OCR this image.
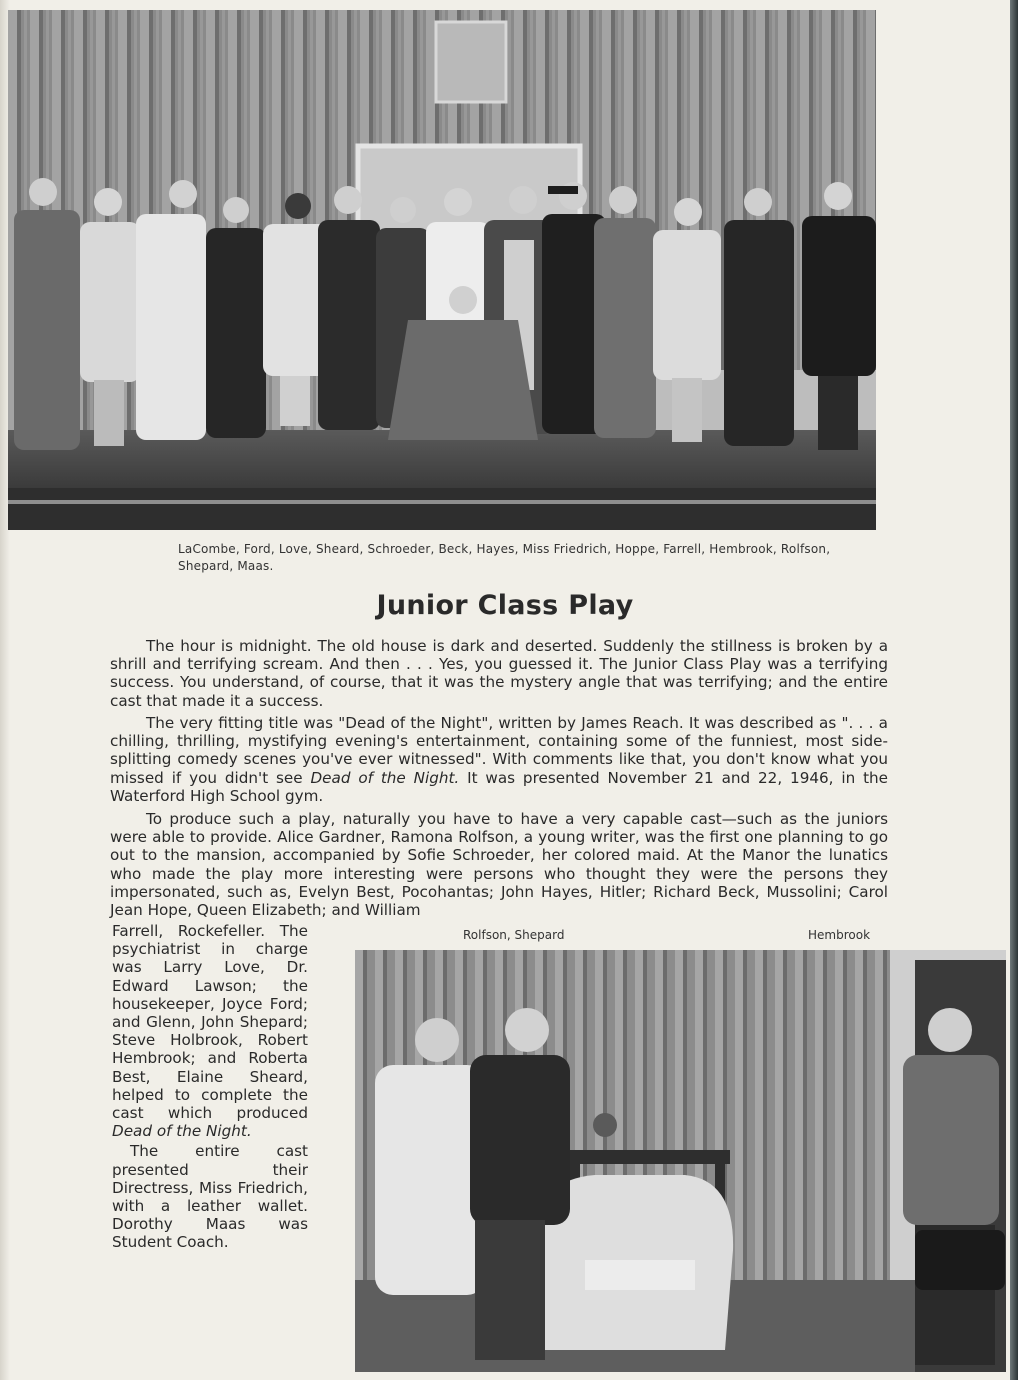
LaCombe, Ford, Love, Sheard, Schroeder, Beck, Hayes, Miss Friedrich, Hoppe, Farrell, Hembrook, Rolfson, Shepard, Maas.
Junior Class Play

The hour is midnight. The old house is dark and deserted. Suddenly the stillness is broken by a shrill and terrifying scream. And then . . . Yes, you guessed it. The Junior Class Play was a terrifying success. You understand, of course, that it was the mystery angle that was terrifying; and the entire cast that made it a success.

The very fitting title was "Dead of the Night", written by James Reach. It was described as ". . . a chilling, thrilling, mystifying evening's entertainment, containing some of the funniest, most side-splitting comedy scenes you've ever witnessed". With comments like that, you don't know what you missed if you didn't see Dead of the Night. It was presented November 21 and 22, 1946, in the Waterford High School gym.

To produce such a play, naturally you have to have a very capable cast—such as the juniors were able to provide. Alice Gardner, Ramona Rolfson, a young writer, was the first one planning to go out to the mansion, accompanied by Sofie Schroeder, her colored maid. At the Manor the lunatics who made the play more interesting were persons who thought they were the persons they impersonated, such as, Evelyn Best, Pocohantas; John Hayes, Hitler; Richard Beck, Mussolini; Carol Jean Hope, Queen Elizabeth; and William

Farrell, Rockefeller. The psychiatrist in charge was Larry Love, Dr. Edward Lawson; the housekeeper, Joyce Ford; and Glenn, John Shepard; Steve Holbrook, Robert Hembrook; and Roberta Best, Elaine Sheard, helped to complete the cast which produced Dead of the Night.

The entire cast presented their Directress, Miss Friedrich, with a leather wallet. Dorothy Maas was Student Coach.

Rolfson, Shepard	Hembrook
